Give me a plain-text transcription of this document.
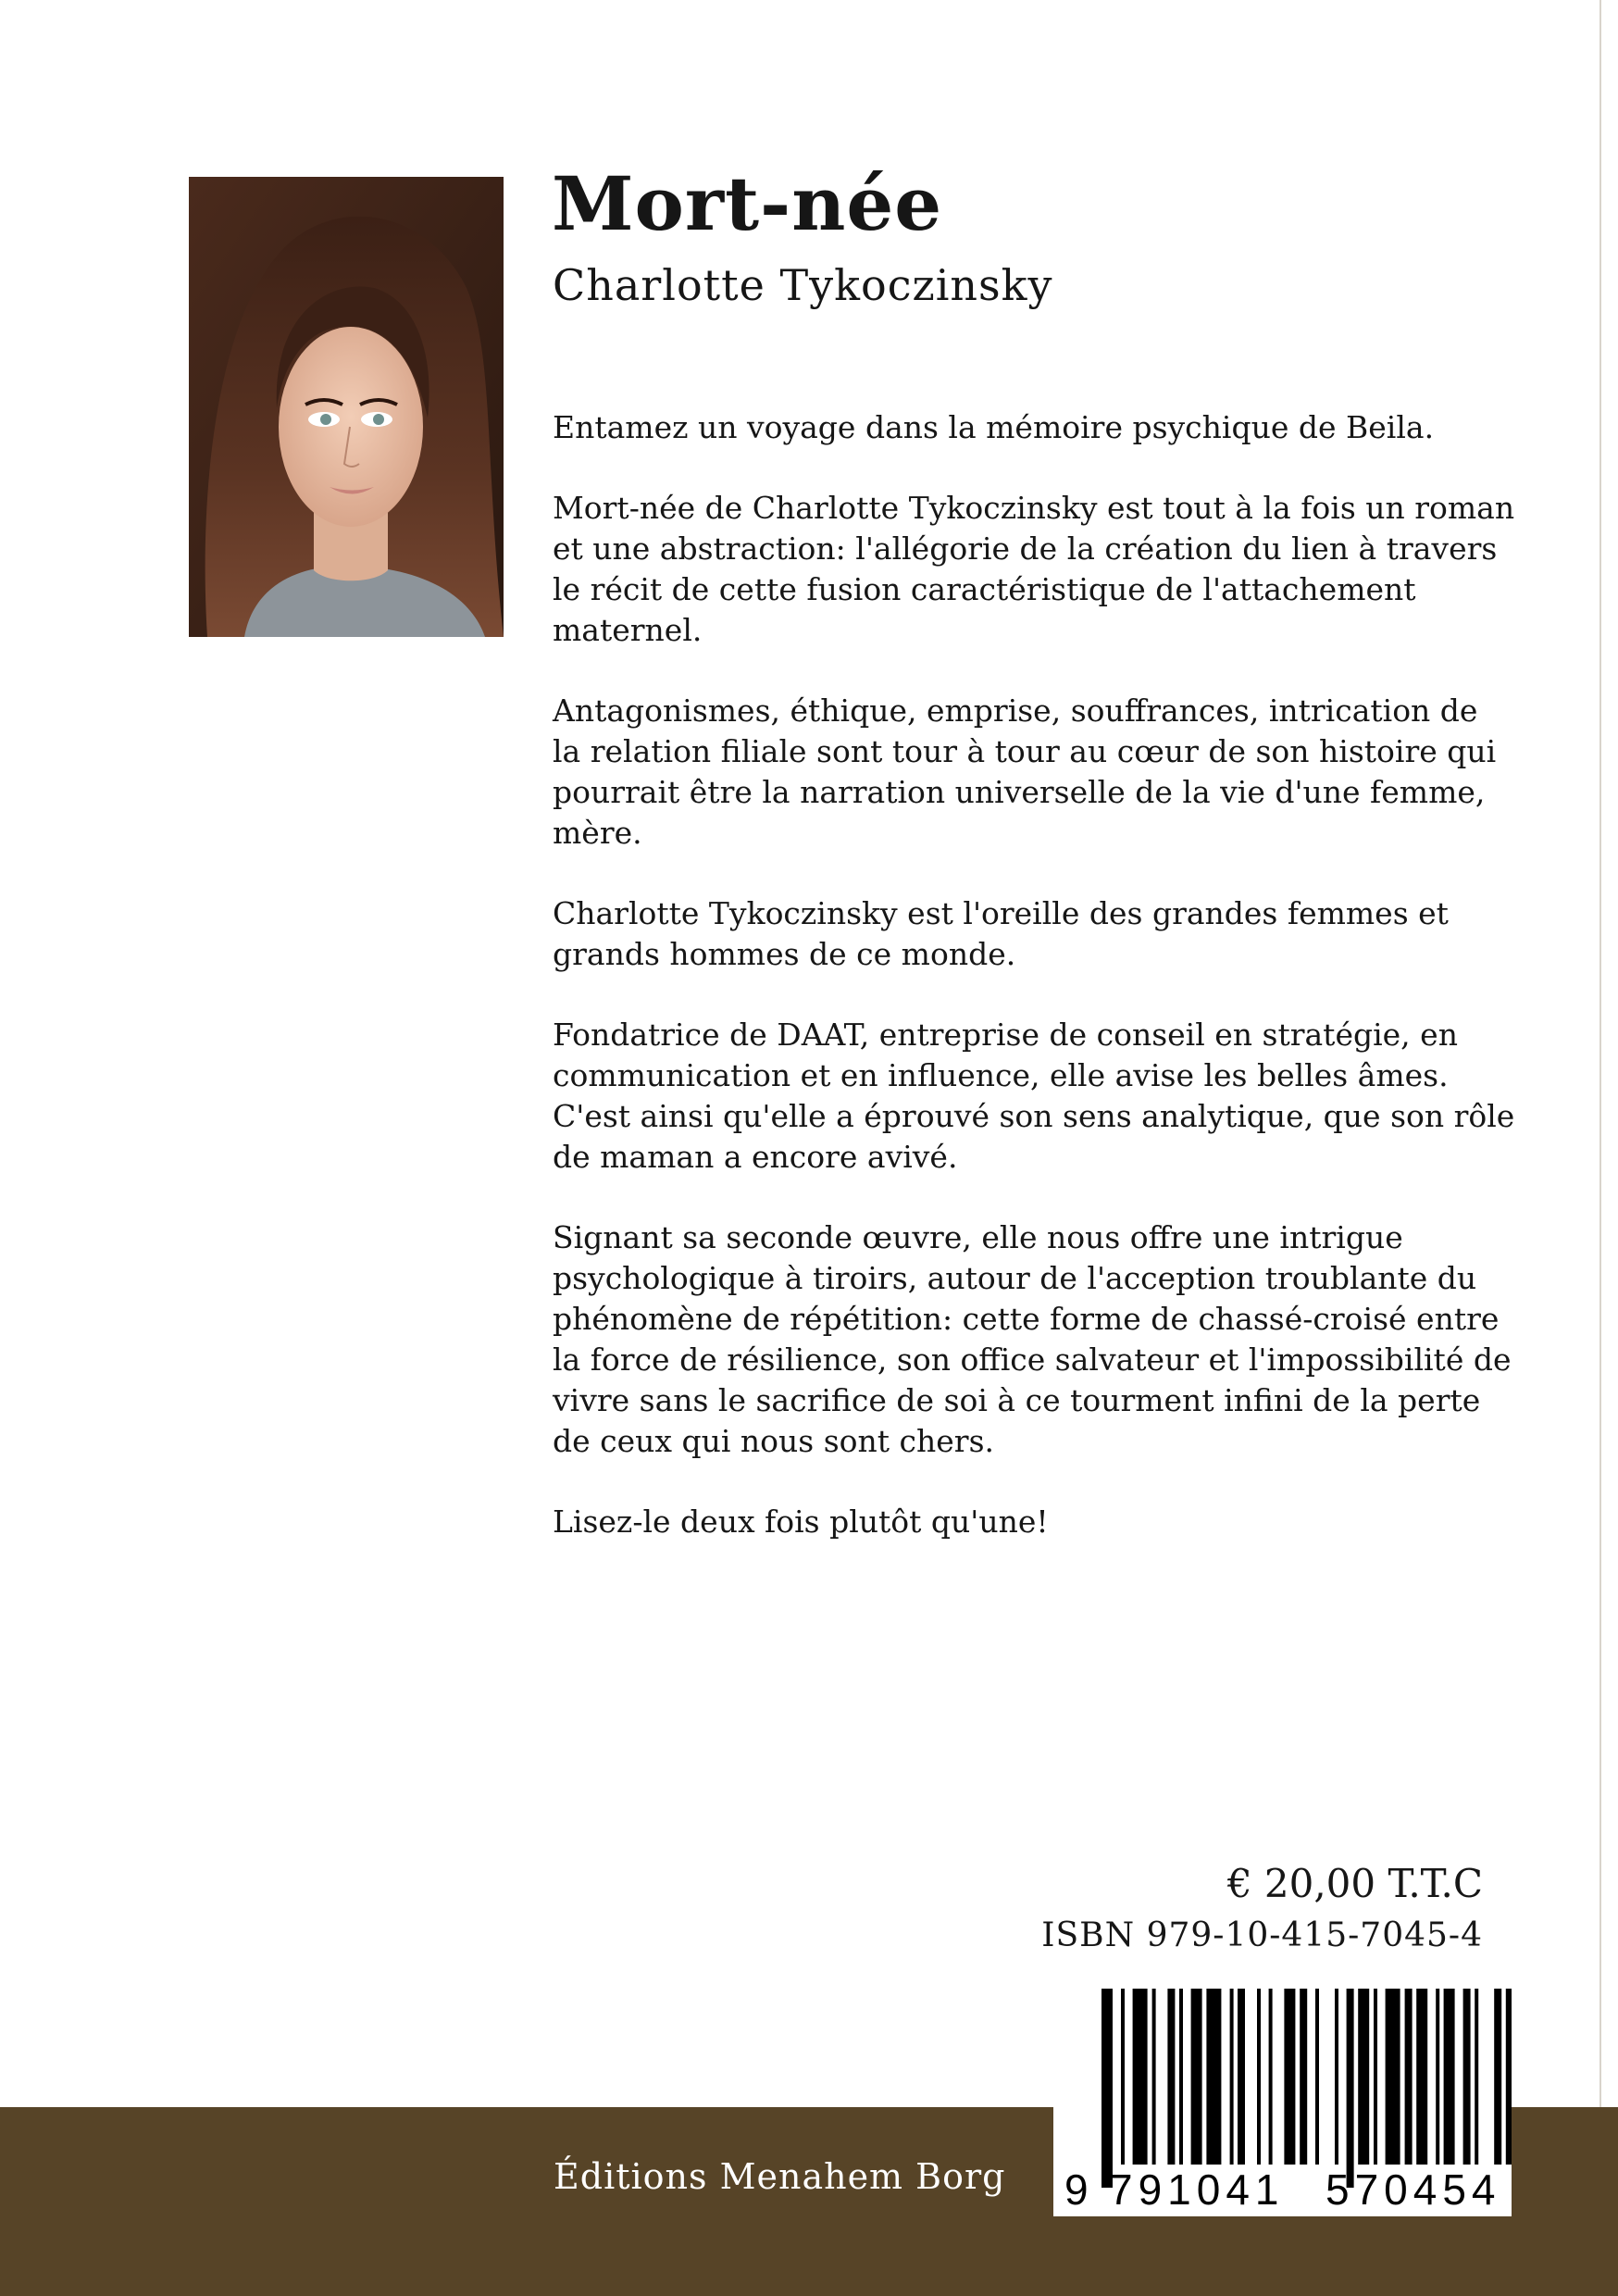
Mort-née
Charlotte Tykoczinsky

Entamez un voyage dans la mémoire psychique de Beila.

Mort-née de Charlotte Tykoczinsky est tout à la fois un roman et une abstraction: l'allégorie de la création du lien à travers le récit de cette fusion caractéristique de l'attachement maternel.

Antagonismes, éthique, emprise, souffrances, intrication de la relation filiale sont tour à tour au cœur de son histoire qui pourrait être la narration universelle de la vie d'une femme, mère.

Charlotte Tykoczinsky est l'oreille des grandes femmes et grands hommes de ce monde.

Fondatrice de DAAT, entreprise de conseil en stratégie, en communication et en influence, elle avise les belles âmes. C'est ainsi qu'elle a éprouvé son sens analytique, que son rôle de maman a encore avivé.

Signant sa seconde œuvre, elle nous offre une intrigue psychologique à tiroirs, autour de l'acception troublante du phénomène de répétition: cette forme de chassé-croisé entre la force de résilience, son office salvateur et l'impossibilité de vivre sans le sacrifice de soi à ce tourment infini de la perte de ceux qui nous sont chers.

Lisez-le deux fois plutôt qu'une!

€ 20,00 T.T.C
ISBN 979-10-415-7045-4
Éditions Menahem Borg 9 791041 570454
